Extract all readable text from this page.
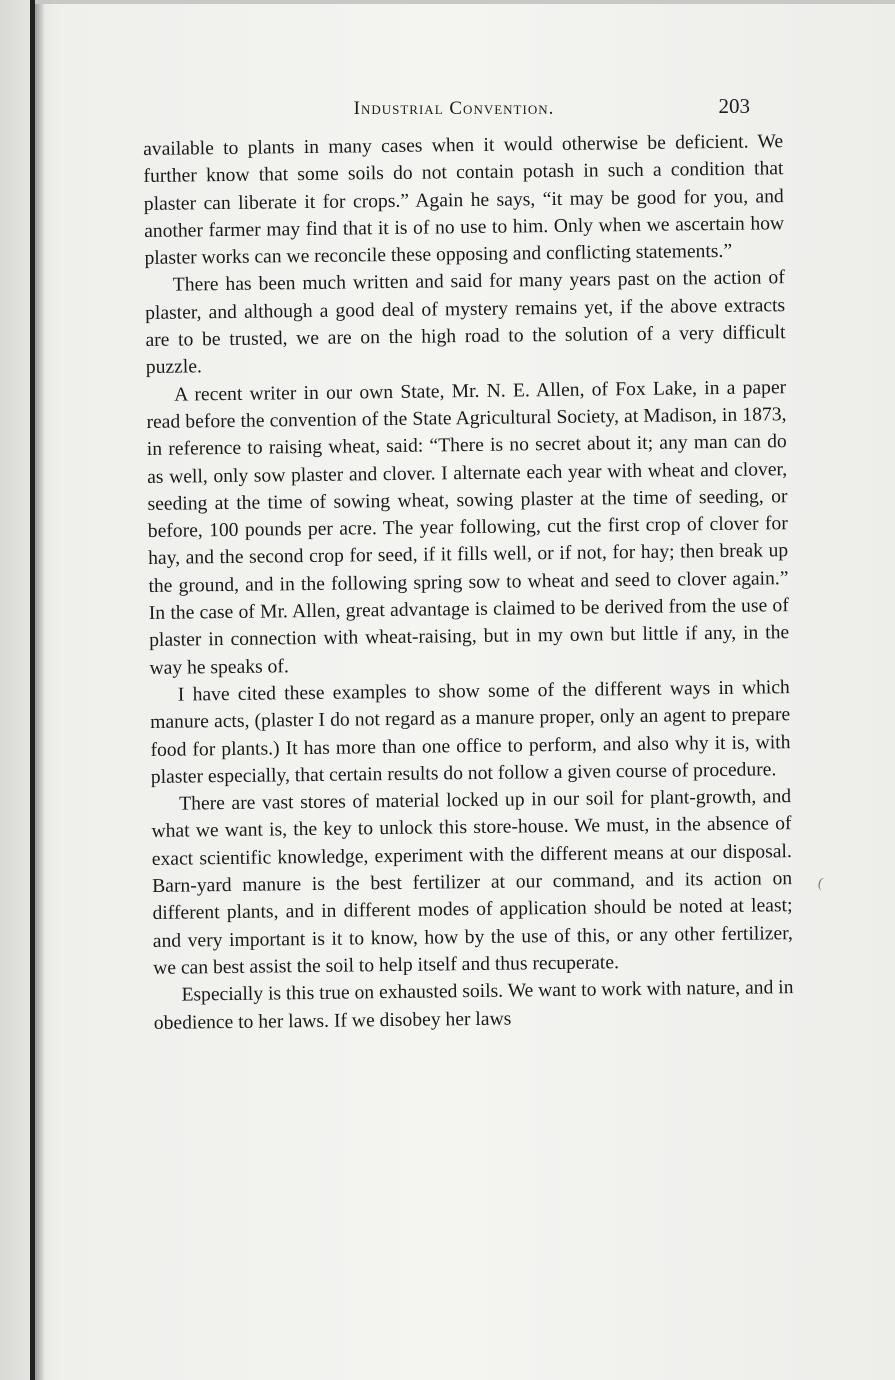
Industrial Convention.	203

available to plants in many cases when it would otherwise be deficient. We further know that some soils do not contain potash in such a condition that plaster can liberate it for crops.” Again he says, “it may be good for you, and another farmer may find that it is of no use to him. Only when we ascertain how plaster works can we reconcile these opposing and conflicting statements.”

There has been much written and said for many years past on the action of plaster, and although a good deal of mystery remains yet, if the above extracts are to be trusted, we are on the high road to the solution of a very difficult puzzle.

A recent writer in our own State, Mr. N. E. Allen, of Fox Lake, in a paper read before the convention of the State Agricultural Society, at Madison, in 1873, in reference to raising wheat, said: “There is no secret about it; any man can do as well, only sow plaster and clover. I alternate each year with wheat and clover, seeding at the time of sowing wheat, sowing plaster at the time of seeding, or before, 100 pounds per acre. The year following, cut the first crop of clover for hay, and the second crop for seed, if it fills well, or if not, for hay; then break up the ground, and in the following spring sow to wheat and seed to clover again.” In the case of Mr. Allen, great advantage is claimed to be derived from the use of plaster in connection with wheat-raising, but in my own but little if any, in the way he speaks of.

I have cited these examples to show some of the different ways in which manure acts, (plaster I do not regard as a manure proper, only an agent to prepare food for plants.) It has more than one office to perform, and also why it is, with plaster especially, that certain results do not follow a given course of procedure.

There are vast stores of material locked up in our soil for plant-growth, and what we want is, the key to unlock this store-house. We must, in the absence of exact scientific knowledge, experiment with the different means at our disposal. Barn-yard manure is the best fertilizer at our command, and its action on different plants, and in different modes of application should be noted at least; and very important is it to know, how by the use of this, or any other fertilizer, we can best assist the soil to help itself and thus recuperate.

Especially is this true on exhausted soils. We want to work with nature, and in obedience to her laws. If we disobey her laws

(
